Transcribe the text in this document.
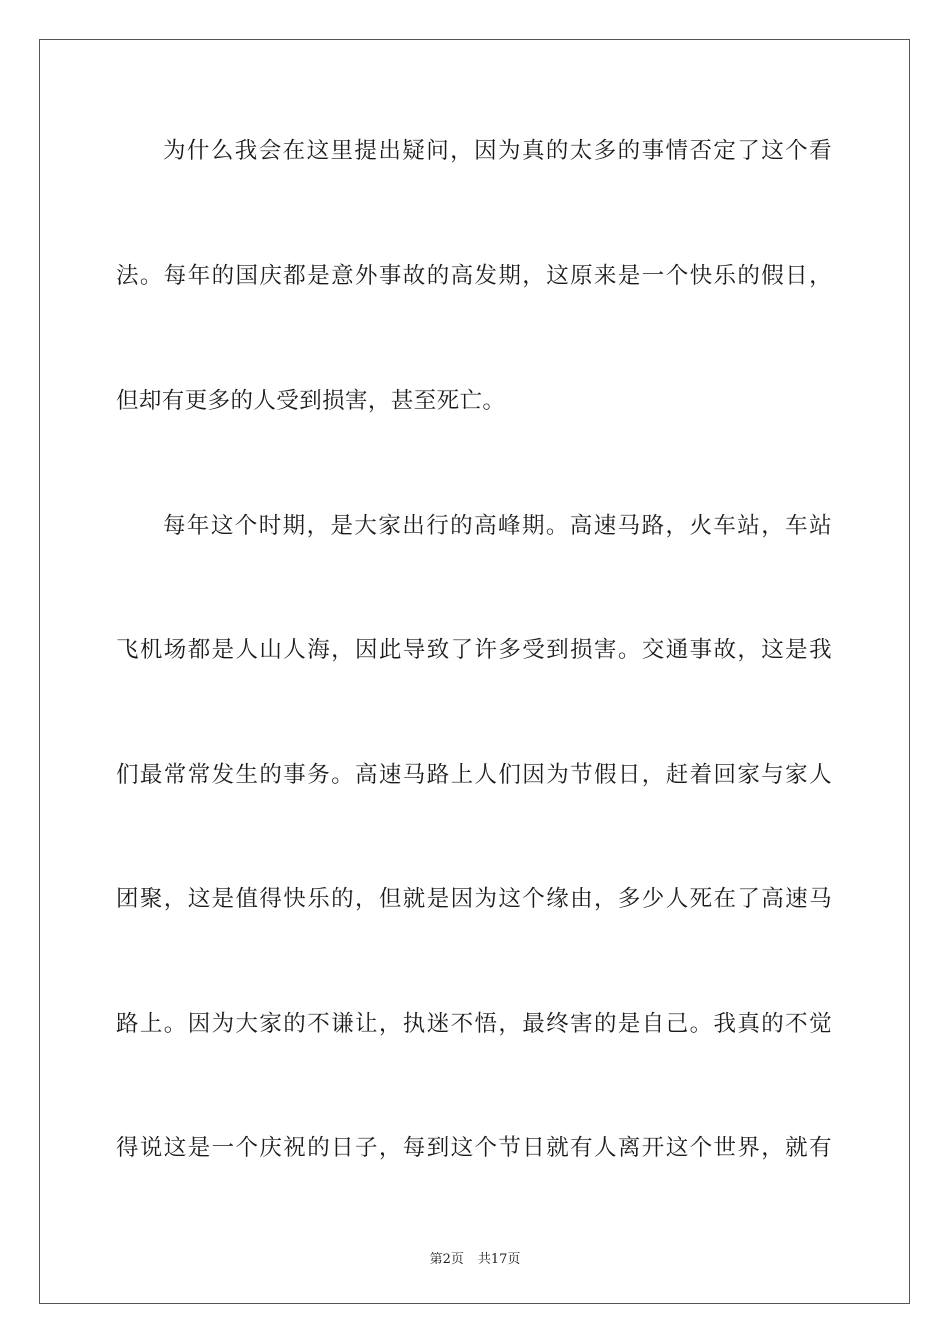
为什么我会在这里提出疑问，因为真的太多的事情否定了这个看
法。每年的国庆都是意外事故的高发期，这原来是一个快乐的假日，
但却有更多的人受到损害，甚至死亡。
每年这个时期，是大家出行的高峰期。高速马路，火车站，车站
飞机场都是人山人海，因此导致了许多受到损害。交通事故，这是我
们最常常发生的事务。高速马路上人们因为节假日，赶着回家与家人
团聚，这是值得快乐的，但就是因为这个缘由，多少人死在了高速马
路上。因为大家的不谦让，执迷不悟，最终害的是自己。我真的不觉
得说这是一个庆祝的日子，每到这个节日就有人离开这个世界，就有
第2页 共17页
